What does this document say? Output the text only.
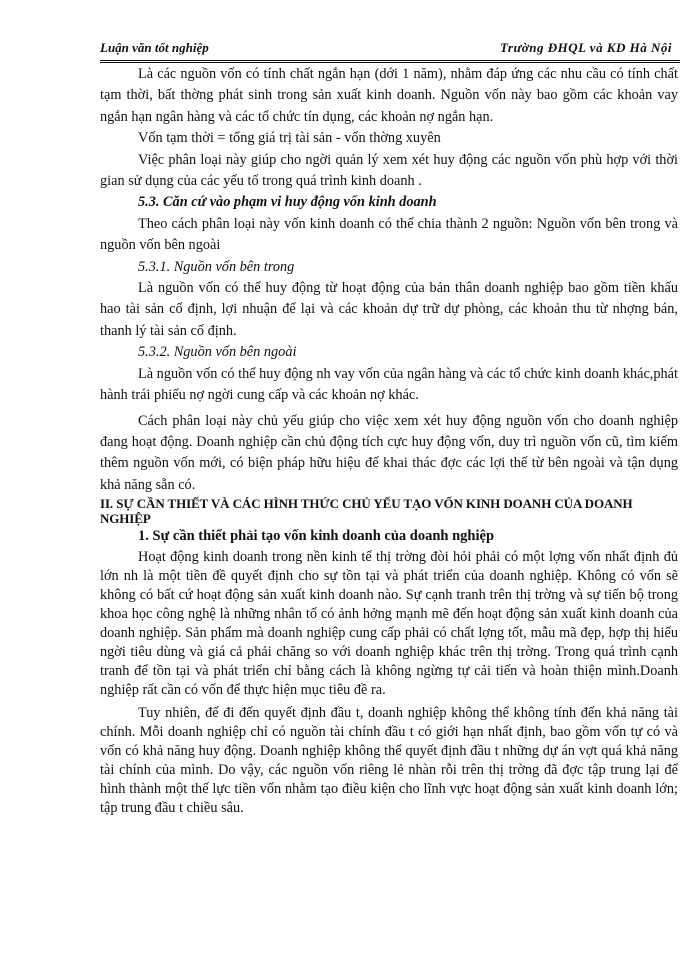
Luận văn tốt nghiệp	Trường ĐHQL và KD Hà Nội

Là các nguồn vốn có tính chất ngắn hạn (dới 1 năm), nhằm đáp ứng các nhu cầu có tính chất tạm thời, bất thờng phát sinh trong sản xuất kinh doanh. Nguồn vốn này bao gồm các khoản vay ngắn hạn ngân hàng và các tổ chức tín dụng, các khoản nợ ngắn hạn.

Vốn tạm thời = tổng giá trị tài sản - vốn thờng xuyên

Việc phân loại này giúp cho ngời quản lý xem xét huy động các nguồn vốn phù hợp với thời gian sử dụng của các yếu tố trong quá trình kinh doanh .

5.3. Căn cứ vào phạm vi huy động vốn kinh doanh

Theo cách phân loại này vốn kinh doanh có thể chia thành 2 nguồn: Nguồn vốn bên trong và nguồn vốn bên ngoài

5.3.1. Nguồn vốn bên trong

Là nguồn vốn có thể huy động từ hoạt động của bản thân doanh nghiệp bao gồm tiền khấu hao tài sản cố định, lợi nhuận để lại và các khoản dự trữ dự phòng, các khoản thu từ nhợng bán, thanh lý tài sản cố định.

5.3.2. Nguồn vốn bên ngoài

Là nguồn vốn có thể huy động nh vay vốn của ngân hàng và các tổ chức kinh doanh khác,phát hành trái phiếu nợ ngời cung cấp và các khoản nợ khác.

Cách phân loại này chủ yếu giúp cho việc xem xét huy động nguồn vốn cho doanh nghiệp đang hoạt động. Doanh nghiệp cần chủ động tích cực huy động vốn, duy trì nguồn vốn cũ, tìm kiếm thêm nguồn vốn mới, có biện pháp hữu hiệu để khai thác đợc các lợi thế từ bên ngoài và tận dụng khả năng sẵn có.

II. SỰ CẦN THIẾT VÀ CÁC HÌNH THỨC CHỦ YẾU TẠO VỐN KINH DOANH CỦA DOANH NGHIỆP

1. Sự cần thiết phải tạo vốn kinh doanh của doanh nghiệp

Hoạt động kinh doanh trong nền kinh tế thị trờng đòi hỏi phải có một lợng vốn nhất định đủ lớn nh là một tiền đề quyết định cho sự tồn tại và phát triển của doanh nghiệp. Không có vốn sẽ không có bất cứ hoạt động sản xuất kinh doanh nào. Sự cạnh tranh trên thị trờng và sự tiến bộ trong khoa học công nghệ là những nhân tố có ảnh hởng mạnh mẽ đến hoạt động sản xuất kinh doanh của doanh nghiệp. Sản phẩm mà doanh nghiệp cung cấp phải có chất lợng tốt, mẫu mã đẹp, hợp thị hiếu ngời tiêu dùng và giá cả phải chăng so với doanh nghiệp khác trên thị trờng. Trong quá trình cạnh tranh để tồn tại và phát triển chỉ bằng cách là không ngừng tự cải tiến và hoàn thiện mình.Doanh nghiệp rất cần có vốn để thực hiện mục tiêu đề ra.

Tuy nhiên, để đi đến quyết định đầu t, doanh nghiệp không thể không tính đến khả năng tài chính. Mỗi doanh nghiệp chỉ có nguồn tài chính đầu t có giới hạn nhất định, bao gồm vốn tự có và vốn có khả năng huy động. Doanh nghiệp không thể quyết định đầu t những dự án vợt quá khả năng tài chính của mình. Do vậy, các nguồn vốn riêng lẻ nhàn rỗi trên thị trờng đã đợc tập trung lại để hình thành một thế lực tiền vốn nhằm tạo điều kiện cho lĩnh vực hoạt động sản xuất kinh doanh lớn; tập trung đầu t chiều sâu.
